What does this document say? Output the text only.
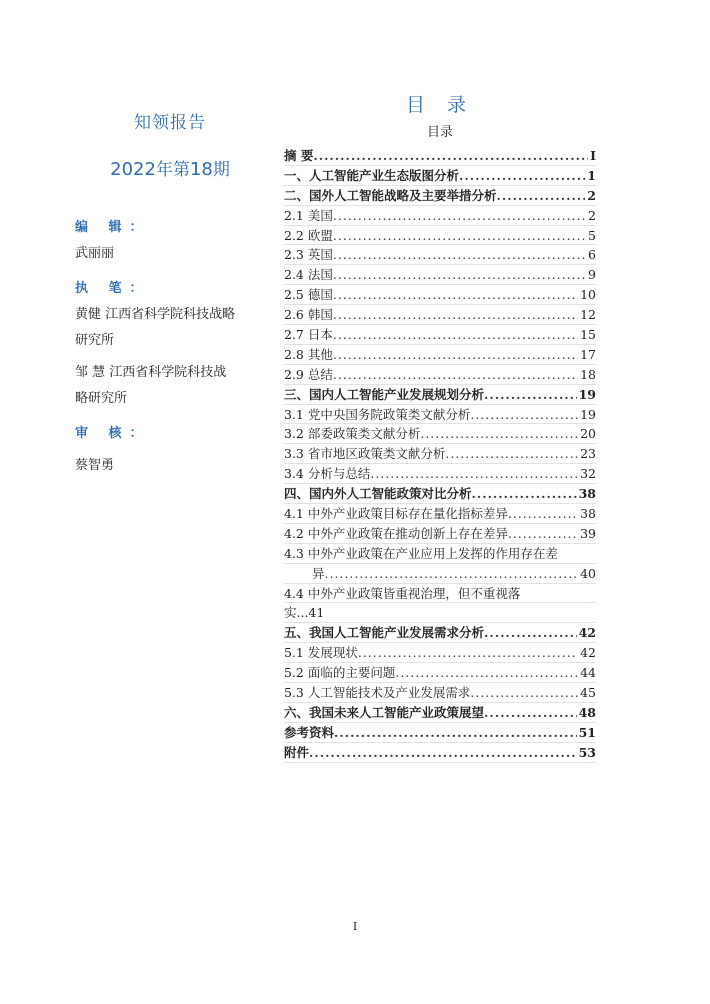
知领报告
2022年第18期
编 辑：
武丽丽
执 笔：
黄健 江西省科学院科技战略
研究所
邹 慧 江西省科学院科技战
略研究所
审 核：
蔡智勇
目 录
目录
摘 要 .....	I
一、人工智能产业生态版图分析 .....	1
二、国外人工智能战略及主要举措分析 .....	2
2.1 美国 .....	2
2.2 欧盟 .....	5
2.3 英国 .....	6
2.4 法国 .....	9
2.5 德国 .....	10
2.6 韩国 .....	12
2.7 日本 .....	15
2.8 其他 .....	17
2.9 总结 .....	18
三、国内人工智能产业发展规划分析 .....	19
3.1 党中央国务院政策类文献分析 .....	19
3.2 部委政策类文献分析 .....	20
3.3 省市地区政策类文献分析 .....	23
3.4 分析与总结 .....	32
四、国内外人工智能政策对比分析 .....	38
4.1 中外产业政策目标存在量化指标差异 .....	38
4.2 中外产业政策在推动创新上存在差异 .....	39
4.3 中外产业政策在产业应用上发挥的作用存在差
异 .....	40
4.4 中外产业政策皆重视治理，但不重视落
实...41
五、我国人工智能产业发展需求分析 .....	42
5.1 发展现状 .....	42
5.2 面临的主要问题 .....	44
5.3 人工智能技术及产业发展需求 .....	45
六、我国未来人工智能产业政策展望 .....	48
参考资料 .....	51
附件 .....	53
I
